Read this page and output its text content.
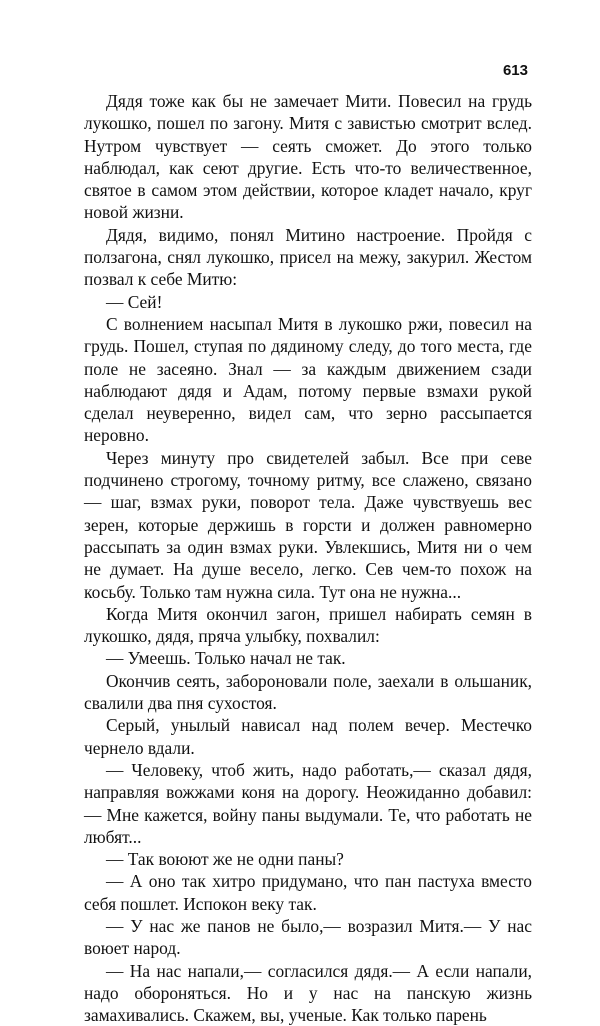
613

Дядя тоже как бы не замечает Мити. Повесил на грудь лукошко, пошел по загону. Митя с завистью смотрит вслед. Нутром чувствует — сеять сможет. До этого только наблюдал, как сеют другие. Есть что-то величественное, святое в самом этом действии, которое кладет начало, круг новой жизни.

Дядя, видимо, понял Митино настроение. Пройдя с ползагона, снял лукошко, присел на межу, закурил. Жестом позвал к себе Митю:

— Сей!

С волнением насыпал Митя в лукошко ржи, повесил на грудь. Пошел, ступая по дядиному следу, до того места, где поле не засеяно. Знал — за каждым движением сзади наблюдают дядя и Адам, потому первые взмахи рукой сделал неуверенно, видел сам, что зерно рассыпается неровно.

Через минуту про свидетелей забыл. Все при севе подчинено строгому, точному ритму, все слажено, связано — шаг, взмах руки, поворот тела. Даже чувствуешь вес зерен, которые держишь в горсти и должен равномерно рассыпать за один взмах руки. Увлекшись, Митя ни о чем не думает. На душе весело, легко. Сев чем-то похож на косьбу. Только там нужна сила. Тут она не нужна...

Когда Митя окончил загон, пришел набирать семян в лукошко, дядя, пряча улыбку, похвалил:

— Умеешь. Только начал не так.

Окончив сеять, забороновали поле, заехали в ольшаник, свалили два пня сухостоя.

Серый, унылый нависал над полем вечер. Местечко чернело вдали.

— Человеку, чтоб жить, надо работать,— сказал дядя, направляя вожжами коня на дорогу. Неожиданно добавил: — Мне кажется, войну паны выдумали. Те, что работать не любят...

— Так воюют же не одни паны?

— А оно так хитро придумано, что пан пастуха вместо себя пошлет. Испокон веку так.

— У нас же панов не было,— возразил Митя.— У нас воюет народ.

— На нас напали,— согласился дядя.— А если напали, надо обороняться. Но и у нас на панскую жизнь замахивались. Скажем, вы, ученые. Как только парень
